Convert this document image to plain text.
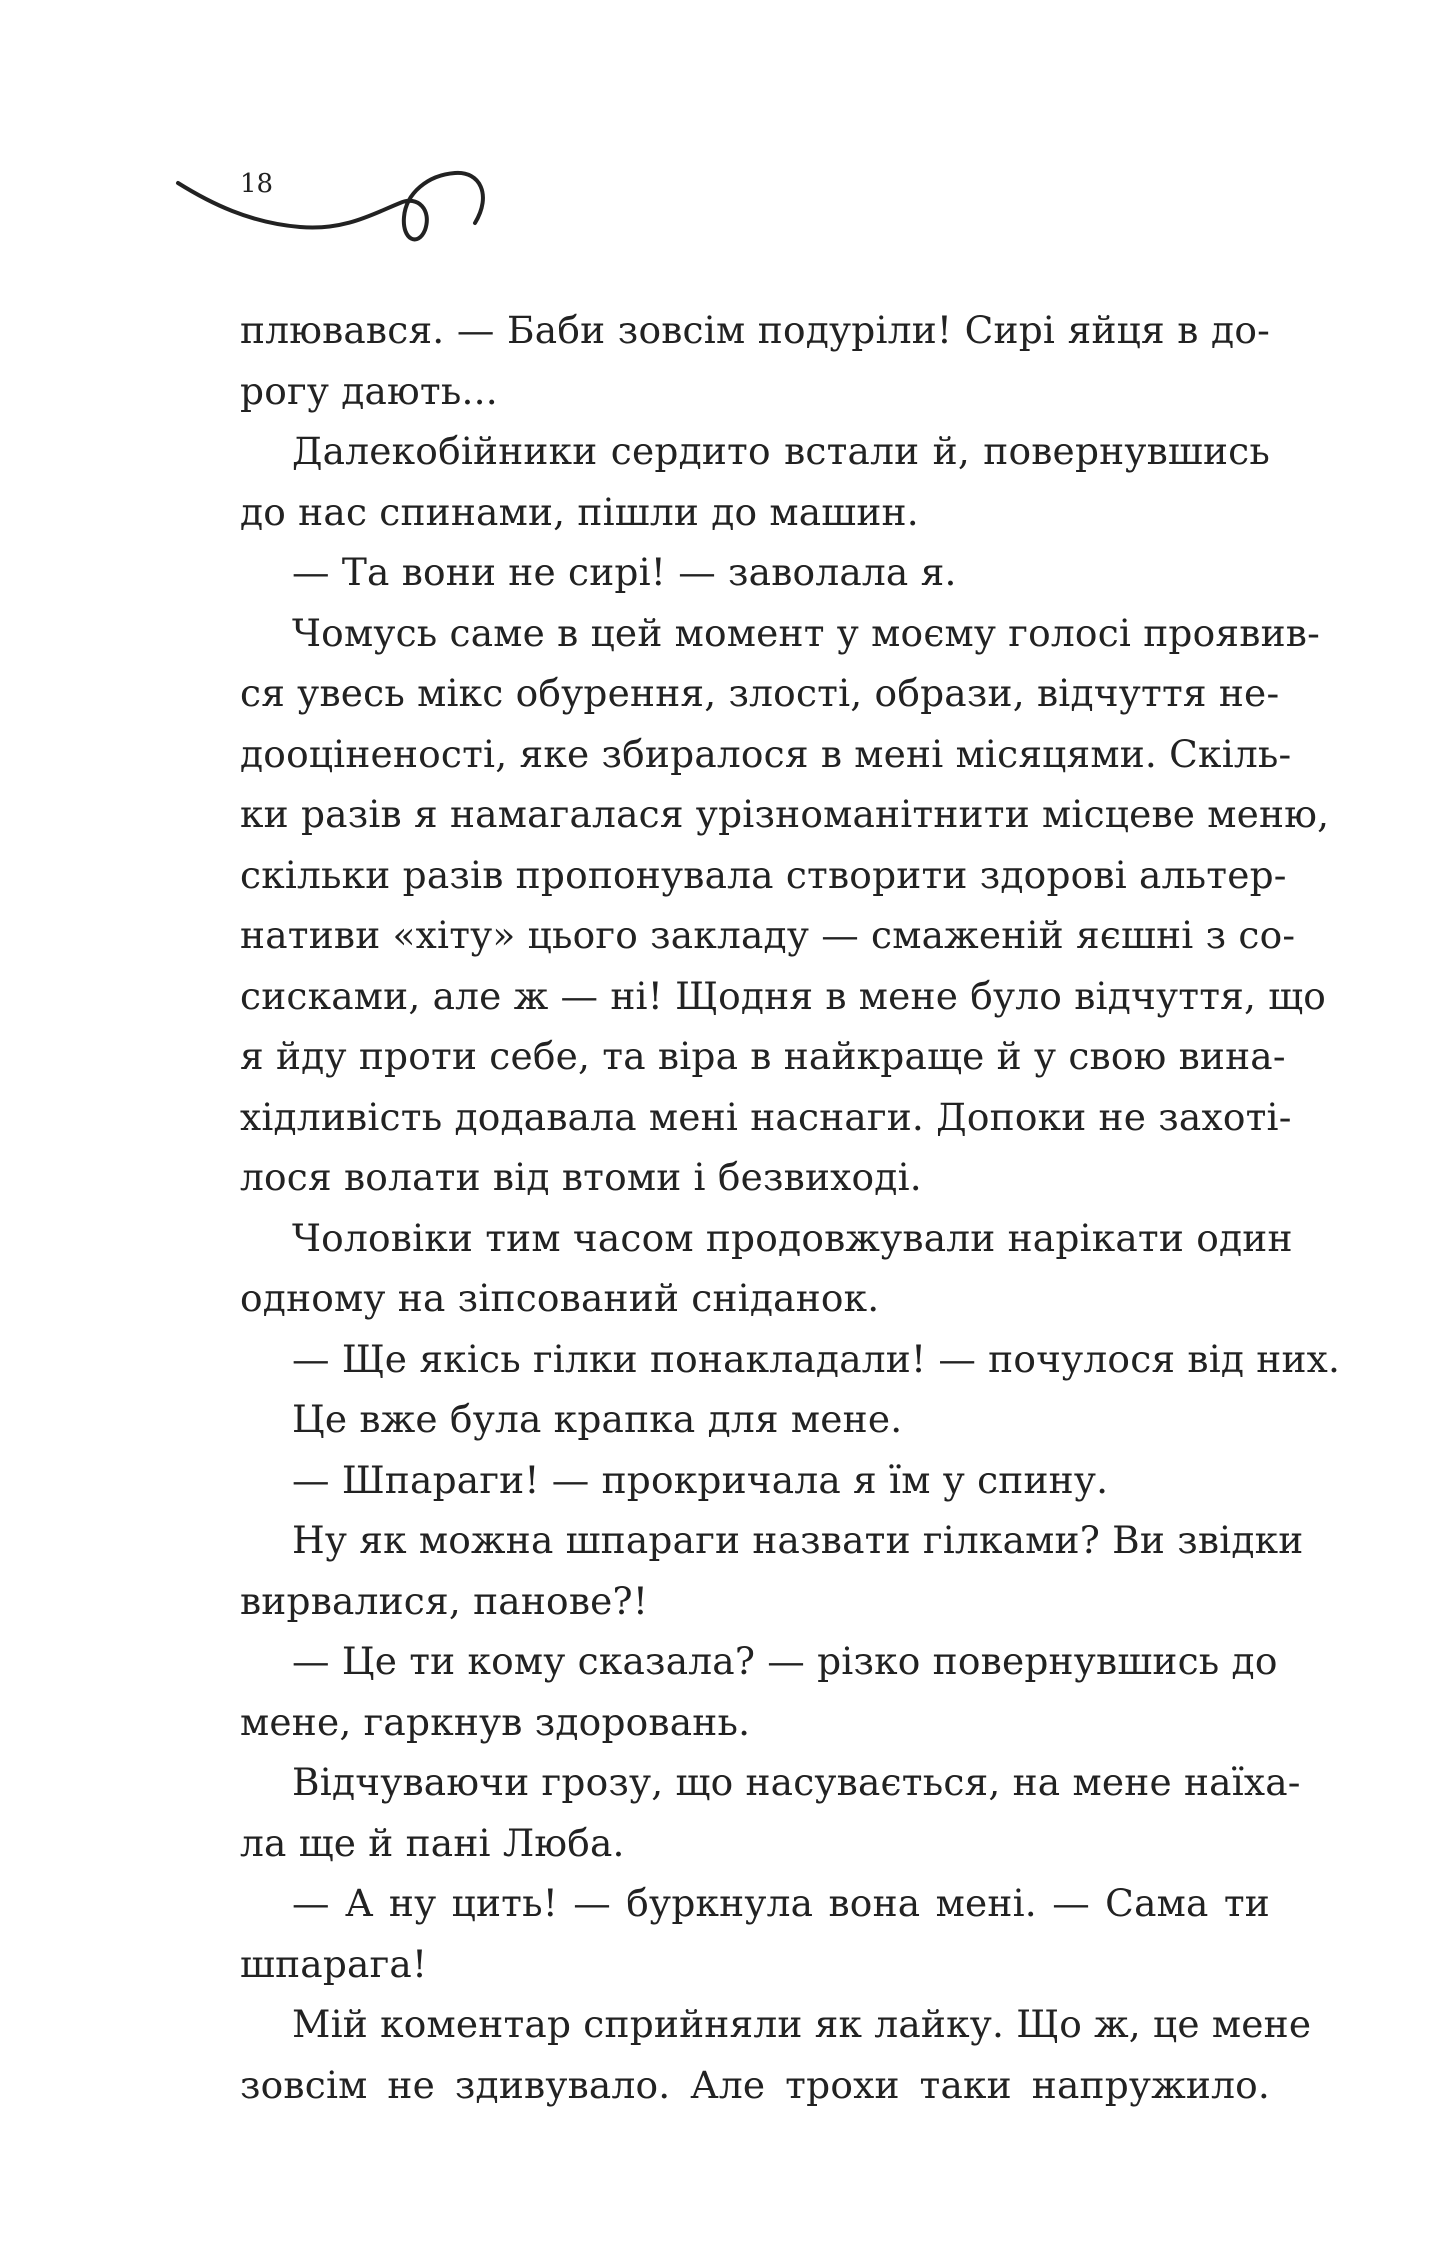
18
плювався. — Баби зовсім подуріли! Сирі яйця в до-
рогу дають...
Далекобійники сердито встали й, повернувшись
до нас спинами, пішли до машин.
— Та вони не сирі! — заволала я.
Чомусь саме в цей момент у моєму голосі проявив-
ся увесь мікс обурення, злості, образи, відчуття не-
дооціненості, яке збиралося в мені місяцями. Скіль-
ки разів я намагалася урізноманітнити місцеве меню,
скільки разів пропонувала створити здорові альтер-
нативи «хіту» цього закладу — смаженій яєшні з со-
сисками, але ж — ні! Щодня в мене було відчуття, що
я йду проти себе, та віра в найкраще й у свою вина-
хідливість додавала мені наснаги. Допоки не захоті-
лося волати від втоми і безвиході.
Чоловіки тим часом продовжували нарікати один
одному на зіпсований сніданок.
— Ще якісь гілки понакладали! — почулося від них.
Це вже була крапка для мене.
— Шпараги! — прокричала я їм у спину.
Ну як можна шпараги назвати гілками? Ви звідки
вирвалися, панове?!
— Це ти кому сказала? — різко повернувшись до
мене, гаркнув здоровань.
Відчуваючи грозу, що насувається, на мене наїха-
ла ще й пані Люба.
— А ну цить! — буркнула вона мені. — Сама ти
шпарага!
Мій коментар сприйняли як лайку. Що ж, це мене
зовсім не здивувало. Але трохи таки напружило.
